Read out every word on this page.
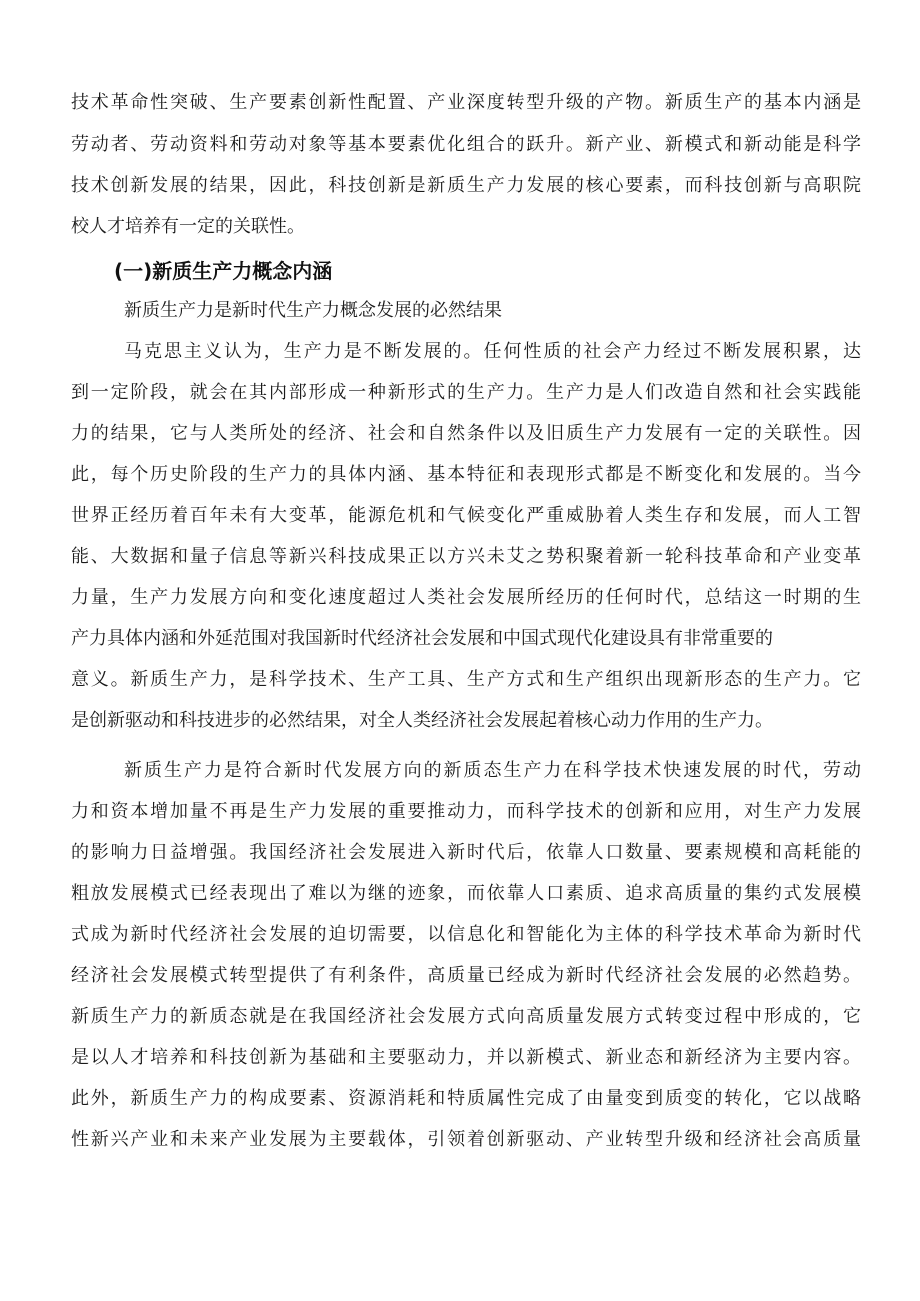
技术革命性突破、生产要素创新性配置、产业深度转型升级的产物。新质生产的基本内涵是
劳动者、劳动资料和劳动对象等基本要素优化组合的跃升。新产业、新模式和新动能是科学
技术创新发展的结果，因此，科技创新是新质生产力发展的核心要素，而科技创新与高职院
校人才培养有一定的关联性。
(一)新质生产力概念内涵
新质生产力是新时代生产力概念发展的必然结果
马克思主义认为，生产力是不断发展的。任何性质的社会产力经过不断发展积累，达
到一定阶段，就会在其内部形成一种新形式的生产力。生产力是人们改造自然和社会实践能
力的结果，它与人类所处的经济、社会和自然条件以及旧质生产力发展有一定的关联性。因
此，每个历史阶段的生产力的具体内涵、基本特征和表现形式都是不断变化和发展的。当今
世界正经历着百年未有大变革，能源危机和气候变化严重威胁着人类生存和发展，而人工智
能、大数据和量子信息等新兴科技成果正以方兴未艾之势积聚着新一轮科技革命和产业变革
力量，生产力发展方向和变化速度超过人类社会发展所经历的任何时代，总结这一时期的生
产力具体内涵和外延范围对我国新时代经济社会发展和中国式现代化建设具有非常重要的
意义。新质生产力，是科学技术、生产工具、生产方式和生产组织出现新形态的生产力。它
是创新驱动和科技进步的必然结果，对全人类经济社会发展起着核心动力作用的生产力。
新质生产力是符合新时代发展方向的新质态生产力在科学技术快速发展的时代，劳动
力和资本增加量不再是生产力发展的重要推动力，而科学技术的创新和应用，对生产力发展
的影响力日益增强。我国经济社会发展进入新时代后，依靠人口数量、要素规模和高耗能的
粗放发展模式已经表现出了难以为继的迹象，而依靠人口素质、追求高质量的集约式发展模
式成为新时代经济社会发展的迫切需要，以信息化和智能化为主体的科学技术革命为新时代
经济社会发展模式转型提供了有利条件，高质量已经成为新时代经济社会发展的必然趋势。
新质生产力的新质态就是在我国经济社会发展方式向高质量发展方式转变过程中形成的，它
是以人才培养和科技创新为基础和主要驱动力，并以新模式、新业态和新经济为主要内容。
此外，新质生产力的构成要素、资源消耗和特质属性完成了由量变到质变的转化，它以战略
性新兴产业和未来产业发展为主要载体，引领着创新驱动、产业转型升级和经济社会高质量
